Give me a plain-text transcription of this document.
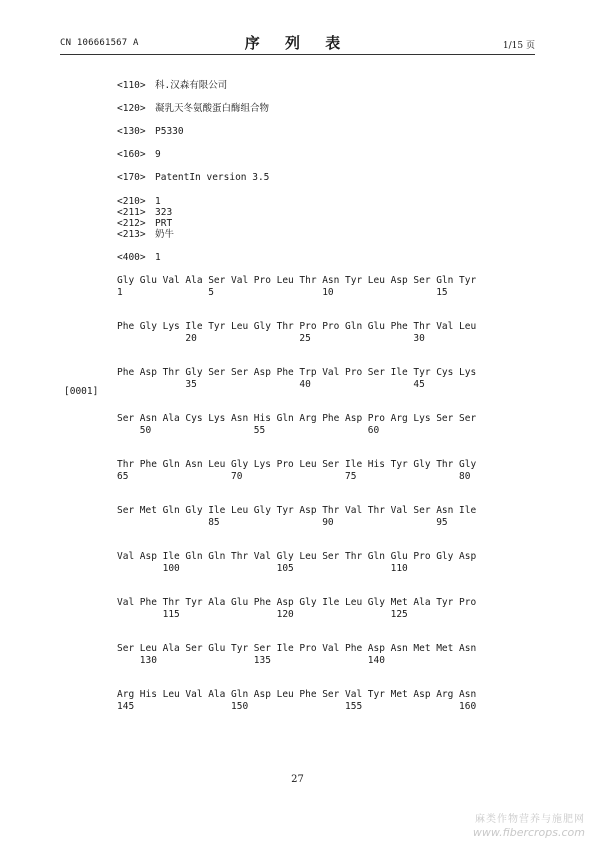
CN 106661567 A	序 列 表	1/15 页
<110> 科.汉森有限公司
<120> 凝乳天冬氨酸蛋白酶组合物
<130> P5330
<160> 9
<170> PatentIn version 3.5
<210> 1
<211> 323
<212> PRT
<213> 奶牛
<400> 1
[0001]
Gly Glu Val Ala Ser Val Pro Leu Thr Asn Tyr Leu Asp Ser Gln Tyr
1	5	10	15
Phe Gly Lys Ile Tyr Leu Gly Thr Pro Pro Gln Glu Phe Thr Val Leu
20	25	30
Phe Asp Thr Gly Ser Ser Asp Phe Trp Val Pro Ser Ile Tyr Cys Lys
35	40	45
Ser Asn Ala Cys Lys Asn His Gln Arg Phe Asp Pro Arg Lys Ser Ser
50	55	60
Thr Phe Gln Asn Leu Gly Lys Pro Leu Ser Ile His Tyr Gly Thr Gly
65	70	75	80
Ser Met Gln Gly Ile Leu Gly Tyr Asp Thr Val Thr Val Ser Asn Ile
85	90	95
Val Asp Ile Gln Gln Thr Val Gly Leu Ser Thr Gln Glu Pro Gly Asp
100	105	110
Val Phe Thr Tyr Ala Glu Phe Asp Gly Ile Leu Gly Met Ala Tyr Pro
115	120	125
Ser Leu Ala Ser Glu Tyr Ser Ile Pro Val Phe Asp Asn Met Met Asn
130	135	140
Arg His Leu Val Ala Gln Asp Leu Phe Ser Val Tyr Met Asp Arg Asn
145	150	155	160
27
麻类作物营养与施肥网
www.fibercrops.com
